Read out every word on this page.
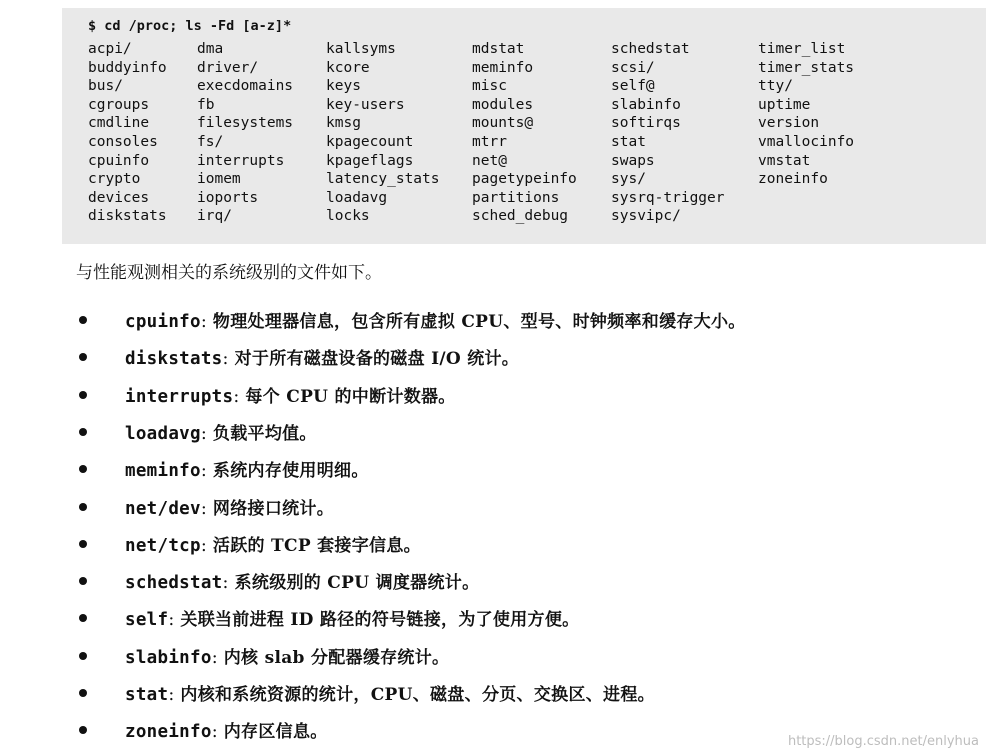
$ cd /proc; ls -Fd [a-z]*
acpi/	dma	kallsyms	mdstat	schedstat	timer_list
buddyinfo	driver/	kcore	meminfo	scsi/	timer_stats
bus/	execdomains	keys	misc	self@	tty/
cgroups	fb	key-users	modules	slabinfo	uptime
cmdline	filesystems	kmsg	mounts@	softirqs	version
consoles	fs/	kpagecount	mtrr	stat	vmallocinfo
cpuinfo	interrupts	kpageflags	net@	swaps	vmstat
crypto	iomem	latency_stats	pagetypeinfo	sys/	zoneinfo
devices	ioports	loadavg	partitions	sysrq-trigger
diskstats	irq/	locks	sched_debug	sysvipc/
与性能观测相关的系统级别的文件如下。
cpuinfo: 物理处理器信息，包含所有虚拟 CPU、型号、时钟频率和缓存大小。
diskstats: 对于所有磁盘设备的磁盘 I/O 统计。
interrupts: 每个 CPU 的中断计数器。
loadavg: 负载平均值。
meminfo: 系统内存使用明细。
net/dev: 网络接口统计。
net/tcp: 活跃的 TCP 套接字信息。
schedstat: 系统级别的 CPU 调度器统计。
self: 关联当前进程 ID 路径的符号链接，为了使用方便。
slabinfo: 内核 slab 分配器缓存统计。
stat: 内核和系统资源的统计，CPU、磁盘、分页、交换区、进程。
zoneinfo: 内存区信息。	https://blog.csdn.net/enlyhua
